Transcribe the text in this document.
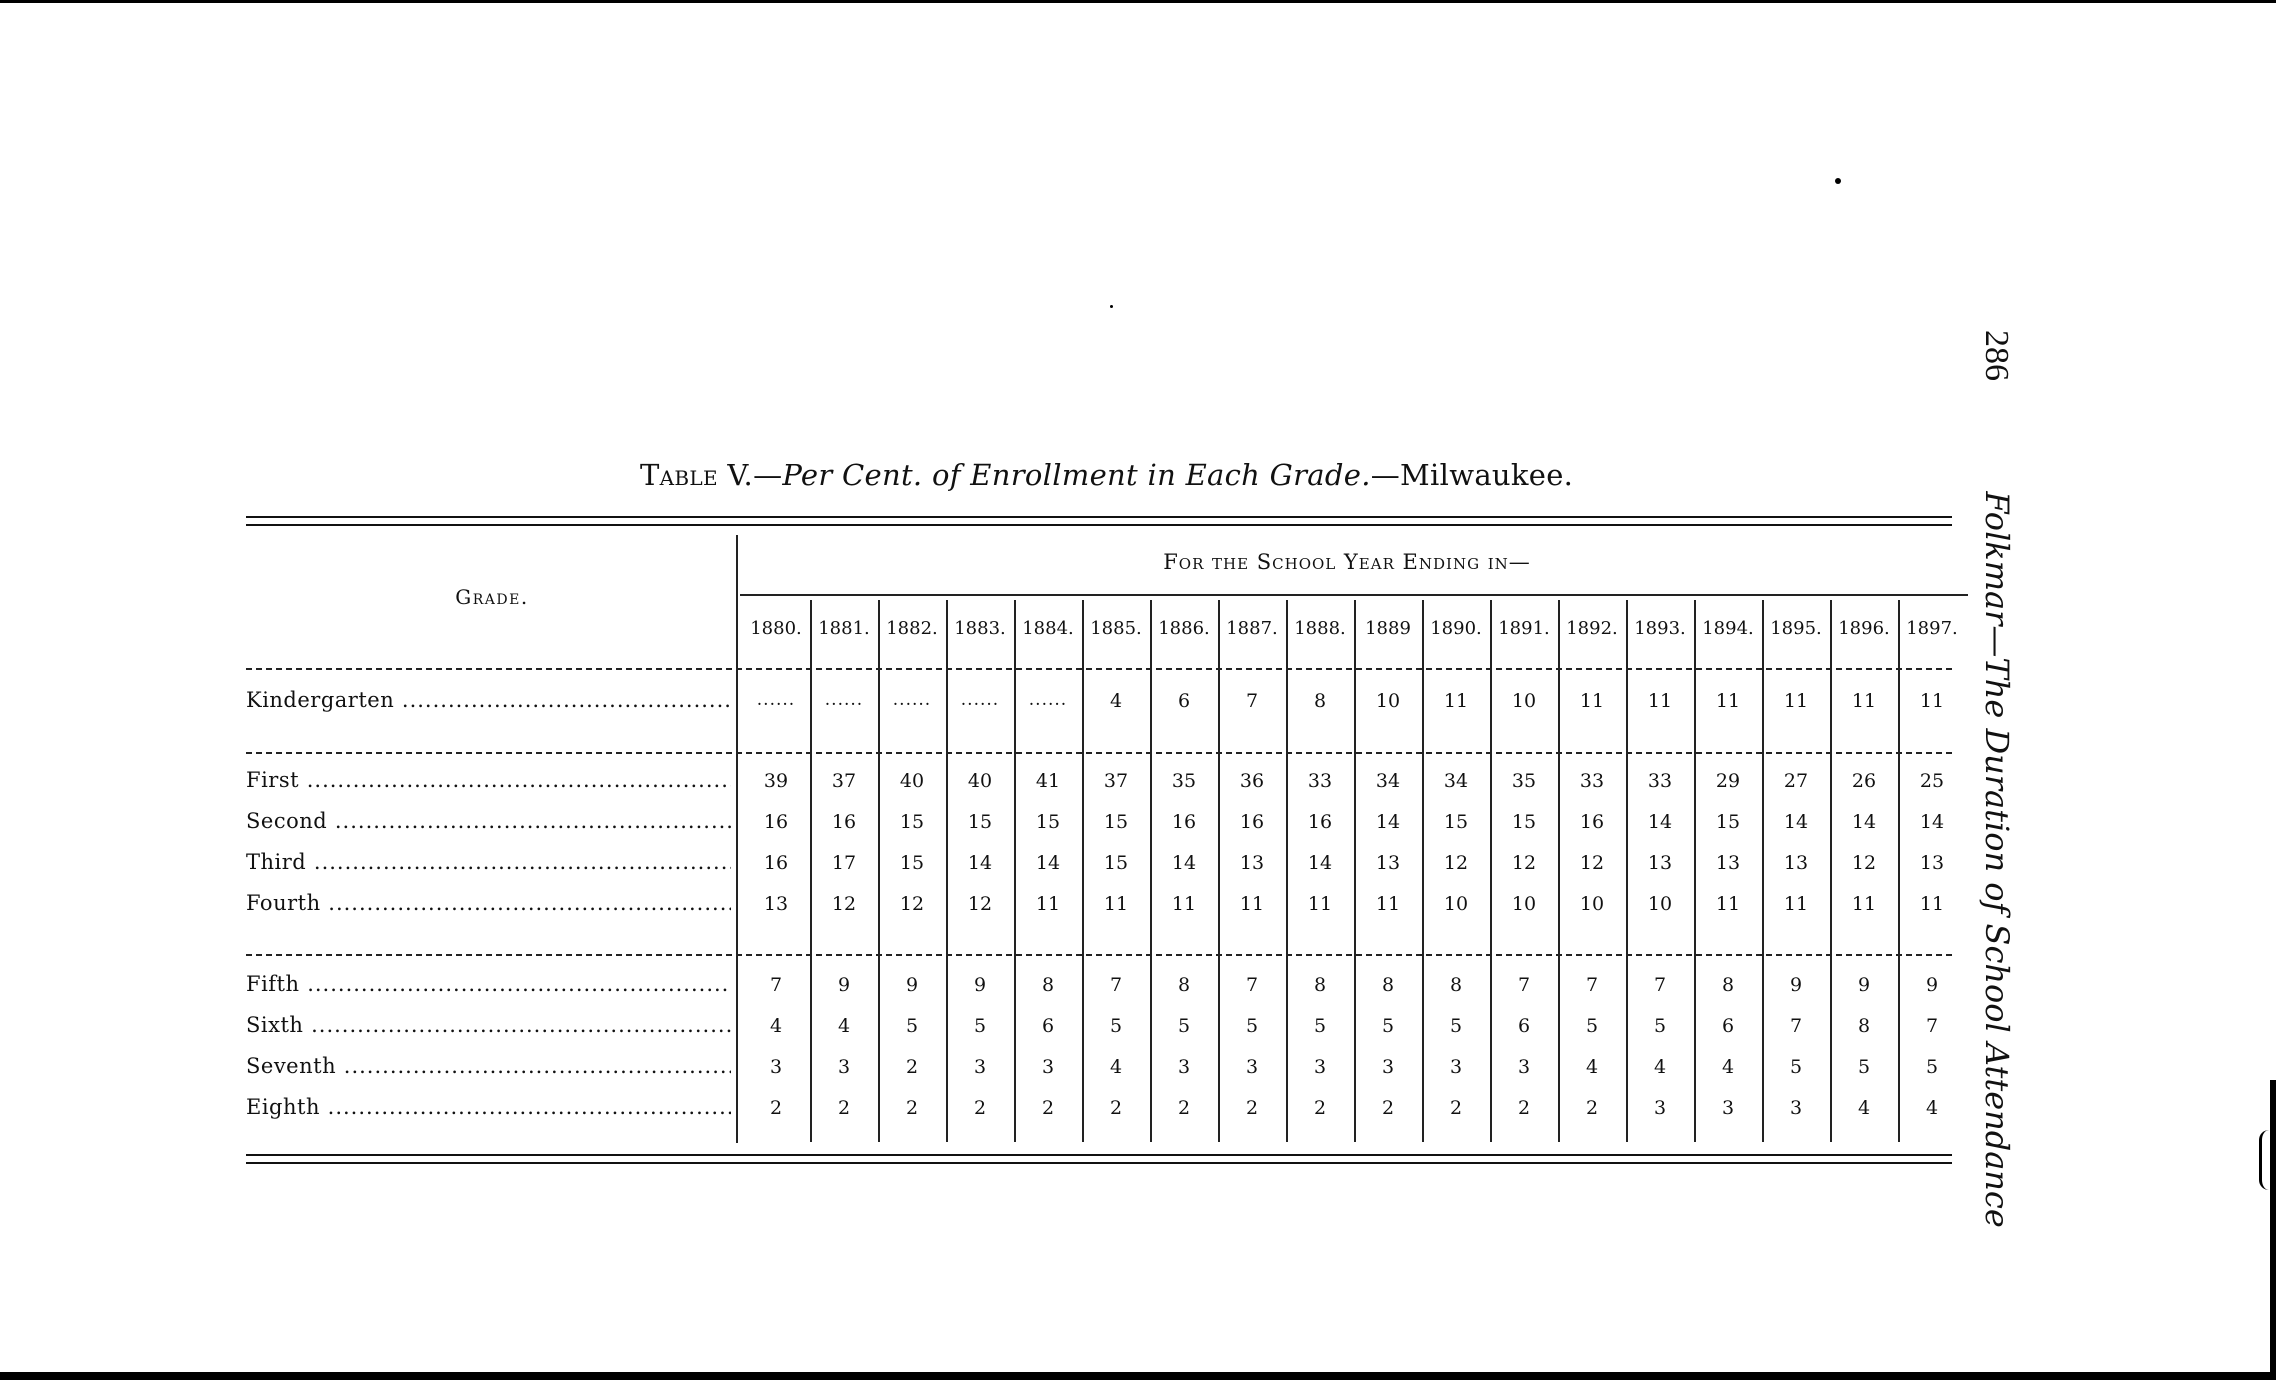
Table V.—Per Cent. of Enrollment in Each Grade.—Milwaukee.
286  Folkmar—The Duration of School Attendance
Grade.
For the School Year Ending in—
1880. 1881. 1882. 1883. 1884. 1885. 1886. 1887. 1888.	1889	1890. 1891. 1892. 1893. 1894. 1895. 1896. 1897.
Kindergarten .....	......	......	......	......	......	4	6	7	8	10	11	10	11	11	11	11	11	11
First .....	39	37	40	40	41	37	35	36	33	34	34	35	33	33	29	27	26	25
Second .....	16	16	15	15	15	15	16	16	16	14	15	15	16	14	15	14	14	14
Third .....	16	17	15	14	14	15	14	13	14	13	12	12	12	13	13	13	12	13
Fourth .....	13	12	12	12	11	11	11	11	11	11	10	10	10	10	11	11	11	11
Fifth .....	7	9	9	9	8	7	8	7	8	8	8	7	7	7	8	9	9	9
Sixth .....	4	4	5	5	6	5	5	5	5	5	5	6	5	5	6	7	8	7
Seventh .....	3	3	2	3	3	4	3	3	3	3	3	3	4	4	4	5	5	5
Eighth .....	2	2	2	2	2	2	2	2	2	2	2	2	2	3	3	3	4	4
